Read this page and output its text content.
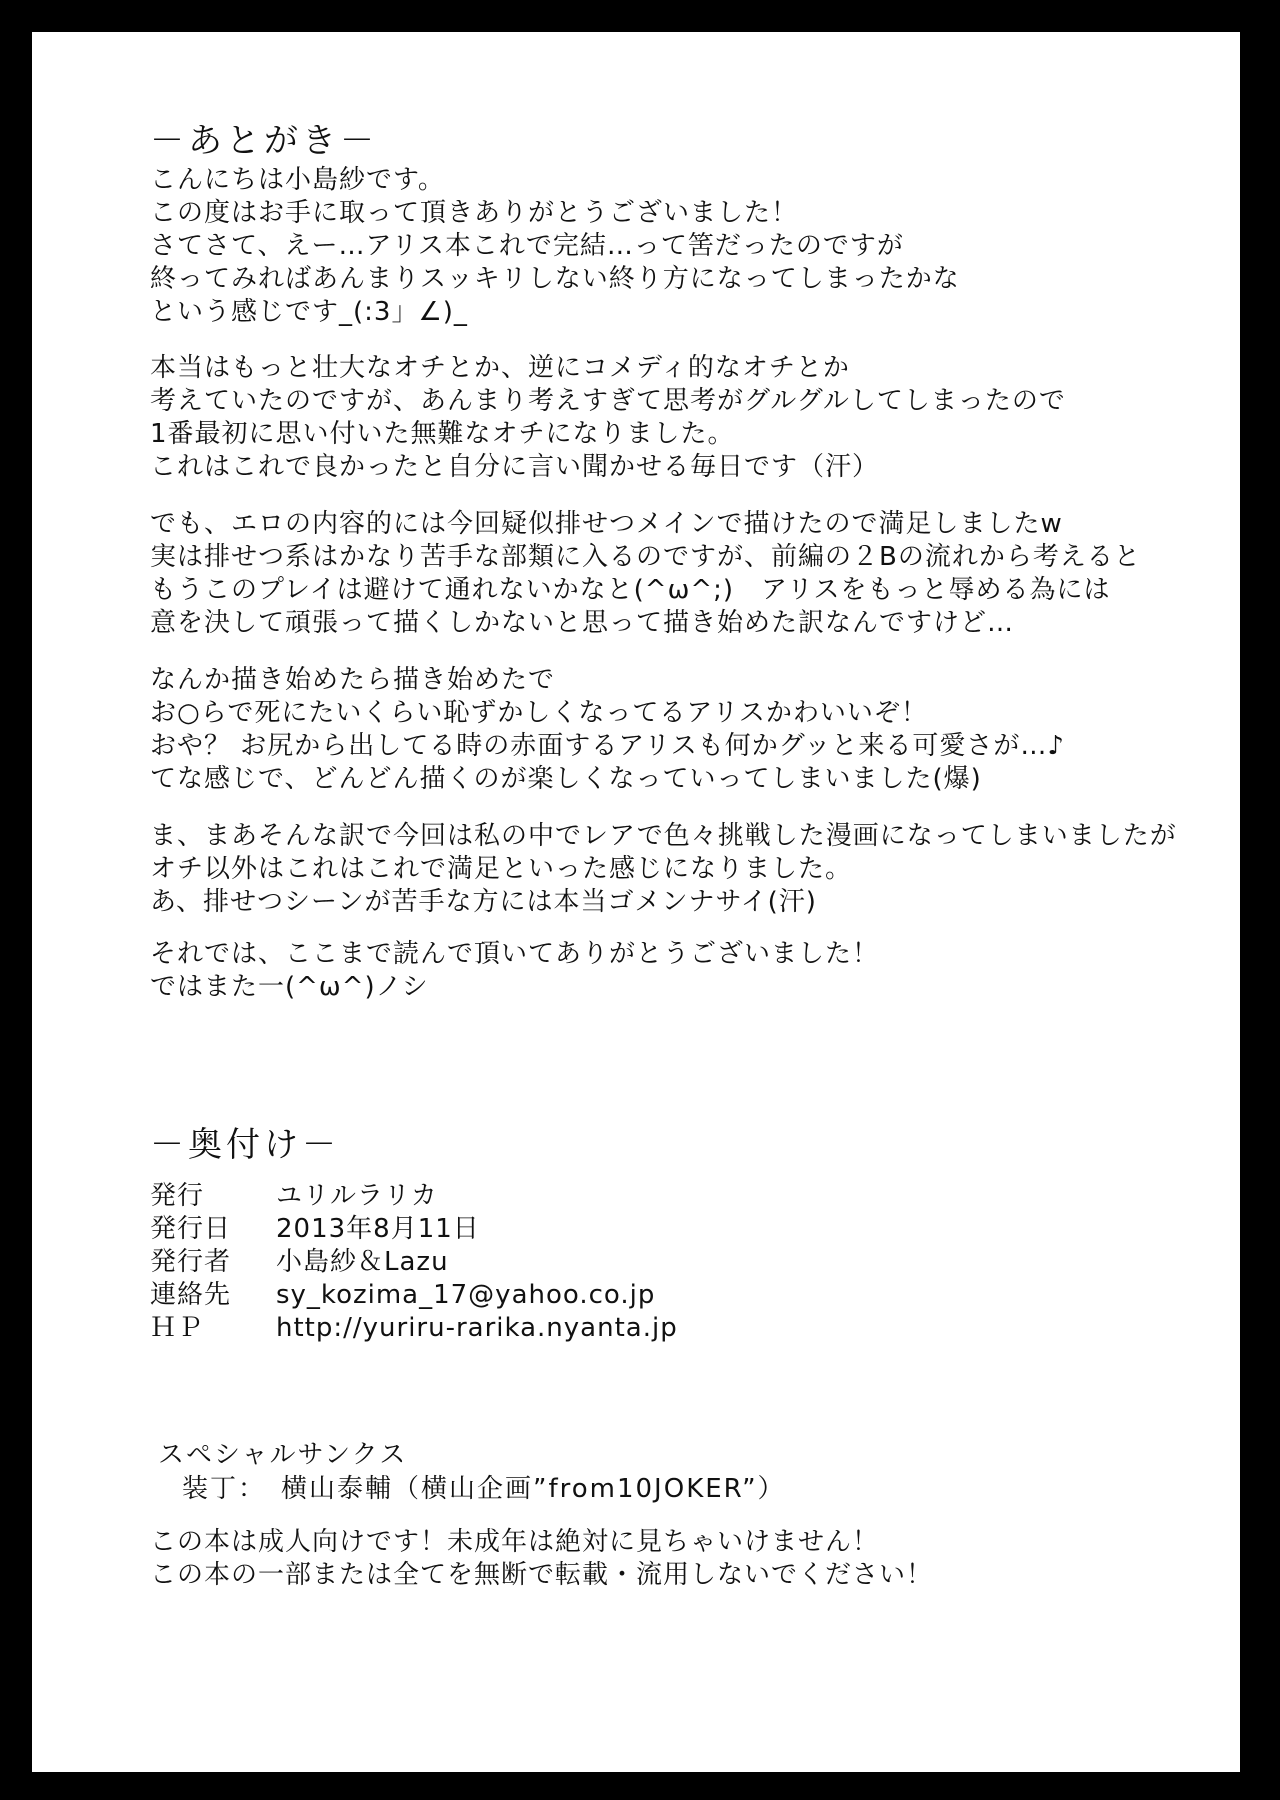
－あとがき－
こんにちは小島紗です。
この度はお手に取って頂きありがとうございました！
さてさて、えー…アリス本これで完結…って筈だったのですが
終ってみればあんまりスッキリしない終り方になってしまったかな
という感じです_(:3」∠)_
本当はもっと壮大なオチとか、逆にコメディ的なオチとか
考えていたのですが、あんまり考えすぎて思考がグルグルしてしまったので
1番最初に思い付いた無難なオチになりました。
これはこれで良かったと自分に言い聞かせる毎日です（汗）
でも、エロの内容的には今回疑似排せつメインで描けたので満足しましたw
実は排せつ系はかなり苦手な部類に入るのですが、前編の２Bの流れから考えると
もうこのプレイは避けて通れないかなと(^ω^;)　アリスをもっと辱める為には
意を決して頑張って描くしかないと思って描き始めた訳なんですけど…
なんか描き始めたら描き始めたで
お○らで死にたいくらい恥ずかしくなってるアリスかわいいぞ！
おや？ お尻から出してる時の赤面するアリスも何かグッと来る可愛さが…♪
てな感じで、どんどん描くのが楽しくなっていってしまいました(爆)
ま、まあそんな訳で今回は私の中でレアで色々挑戦した漫画になってしまいましたが
オチ以外はこれはこれで満足といった感じになりました。
あ、排せつシーンが苦手な方には本当ゴメンナサイ(汗)
それでは、ここまで読んで頂いてありがとうございました！
ではまた一(^ω^)ノシ
－奥付け－
発行	ユリルラリカ
発行日	2013年8月11日
発行者	小島紗＆Lazu
連絡先	sy_kozima_17@yahoo.co.jp
ＨＰ	http://yuriru-rarika.nyanta.jp
スペシャルサンクス
装丁：　横山泰輔（横山企画”from10JOKER”）
この本は成人向けです！未成年は絶対に見ちゃいけません！
この本の一部または全てを無断で転載・流用しないでください！
